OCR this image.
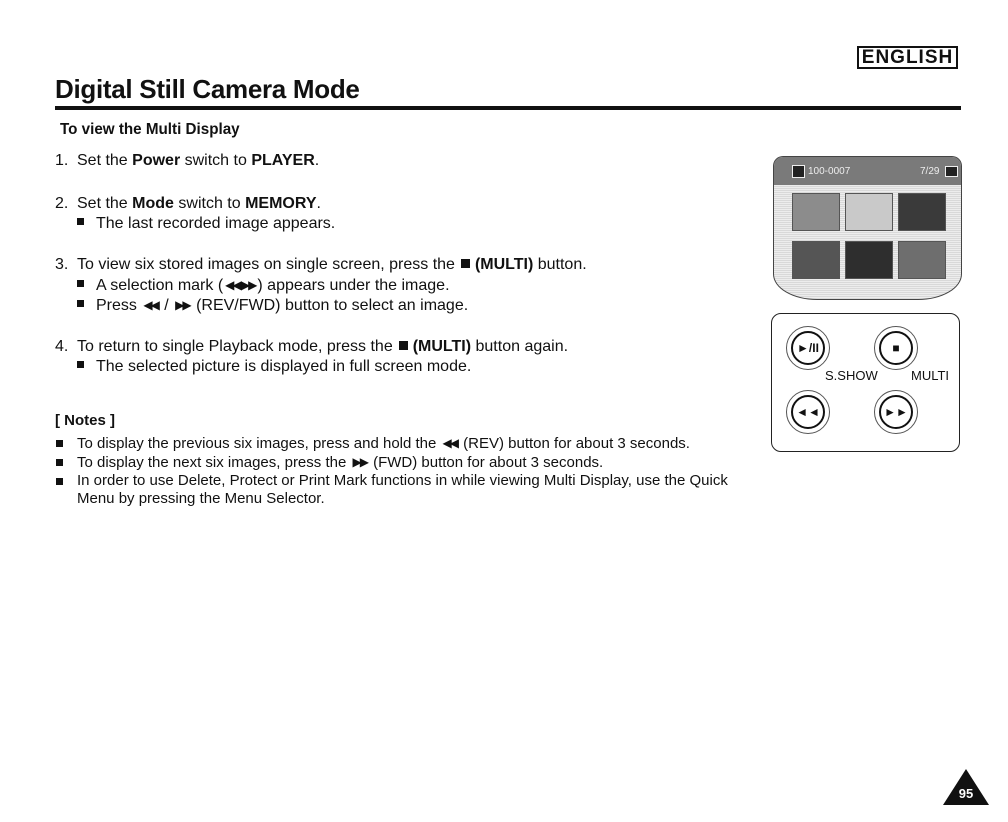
ENGLISH
Digital Still Camera Mode
To view the Multi Display
1. Set the Power switch to PLAYER.
2. Set the Mode switch to MEMORY.
The last recorded image appears.
3. To view six stored images on single screen, press the (MULTI) button.
A selection mark ( ◀◀ ▶▶ ) appears under the image.
Press ◀◀ / ▶▶ (REV/FWD) button to select an image.
4. To return to single Playback mode, press the (MULTI) button again.
The selected picture is displayed in full screen mode.
[ Notes ]
To display the previous six images, press and hold the ◀◀ (REV) button for about 3 seconds.
To display the next six images, press the ▶▶ (FWD) button for about 3 seconds.
In order to use Delete, Protect or Print Mark functions in while viewing Multi Display, use the Quick Menu by pressing the Menu Selector.
100-0007	7/29
►/II	■
S.SHOW	MULTI
◄◄	►►
95
